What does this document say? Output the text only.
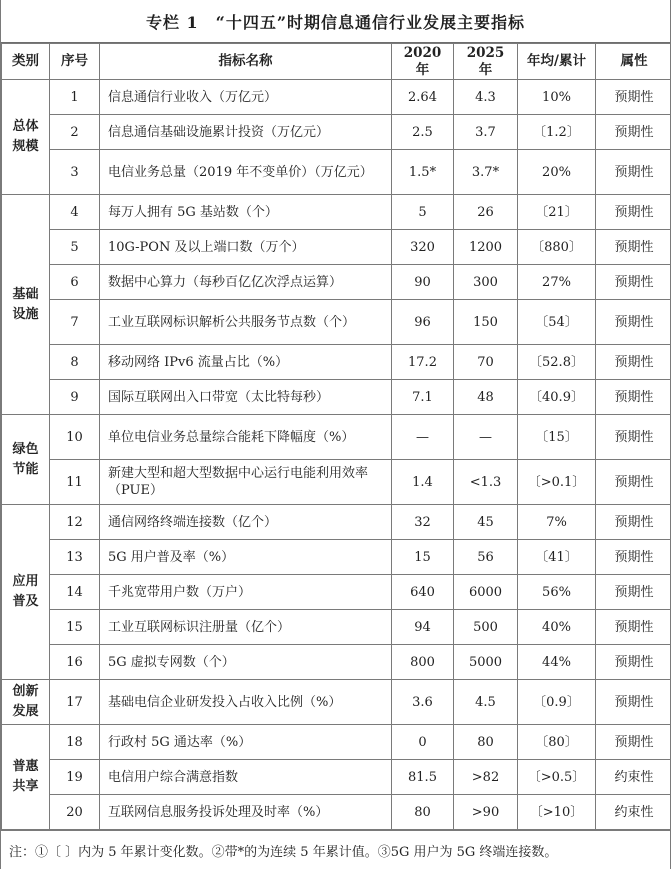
专栏 1　“十四五”时期信息通信行业发展主要指标
类别	序号	指标名称	2020 年	2025 年	年均/累计	属性
总体规模	1	信息通信行业收入（万亿元）	2.64	4.3	10%	预期性
	2	信息通信基础设施累计投资（万亿元）	2.5	3.7	〔1.2〕	预期性
	3	电信业务总量（2019 年不变单价）（万亿元）	1.5*	3.7*	20%	预期性
基础设施	4	每万人拥有 5G 基站数（个）	5	26	〔21〕	预期性
	5	10G-PON 及以上端口数（万个）	320	1200	〔880〕	预期性
	6	数据中心算力（每秒百亿亿次浮点运算）	90	300	27%	预期性
	7	工业互联网标识解析公共服务节点数（个）	96	150	〔54〕	预期性
	8	移动网络 IPv6 流量占比（%）	17.2	70	〔52.8〕	预期性
	9	国际互联网出入口带宽（太比特每秒）	7.1	48	〔40.9〕	预期性
绿色节能	10	单位电信业务总量综合能耗下降幅度（%）	—	—	〔15〕	预期性
	11	新建大型和超大型数据中心运行电能利用效率（PUE）	1.4	<1.3	〔>0.1〕	预期性
应用普及	12	通信网络终端连接数（亿个）	32	45	7%	预期性
	13	5G 用户普及率（%）	15	56	〔41〕	预期性
	14	千兆宽带用户数（万户）	640	6000	56%	预期性
	15	工业互联网标识注册量（亿个）	94	500	40%	预期性
	16	5G 虚拟专网数（个）	800	5000	44%	预期性
创新发展	17	基础电信企业研发投入占收入比例（%）	3.6	4.5	〔0.9〕	预期性
普惠共享	18	行政村 5G 通达率（%）	0	80	〔80〕	预期性
	19	电信用户综合满意指数	81.5	>82	〔>0.5〕	约束性
	20	互联网信息服务投诉处理及时率（%）	80	>90	〔>10〕	约束性
注：①〔 〕内为 5 年累计变化数。②带*的为连续 5 年累计值。③5G 用户为 5G 终端连接数。
